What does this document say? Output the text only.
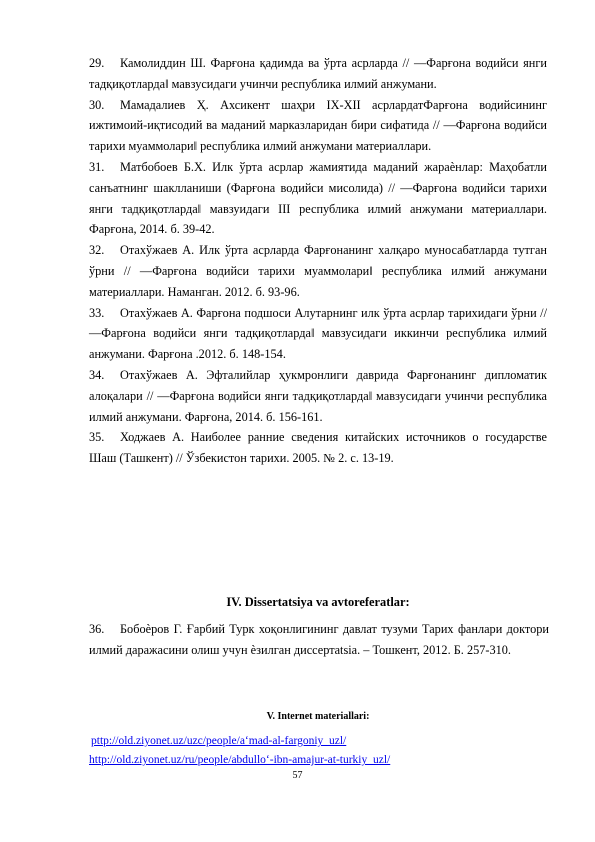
29. Камолиддин Ш. Фарғона қадимда ва ўрта асрларда // ―Фарғона водийси янги тадқиқотларда‖ мавзусидаги учинчи республика илмий анжумани.

30. Мамадалиев Ҳ. Ахсикент шаҳри IX-XII асрлардатФарғона водийсининг ижтимоий-иқтисодий ва маданий марказларидан бири сифатида // ―Фарғона водийси тарихи муаммолари‖ республика илмий анжумани материаллари.

31. Матбобоев Б.Х. Илк ўрта асрлар жамиятида маданий жараѐнлар: Маҳобатли санъатнинг шаклланиши (Фарғона водийси мисолида) // ―Фарғона водийси тарихи янги тадқиқотларда‖ мавзуидаги III республика илмий анжумани материаллари. Фарғона, 2014. б. 39-42.

32. Отахўжаев А. Илк ўрта асрларда Фарғонанинг халқаро муносабатларда тутган ўрни // ―Фарғона водийси тарихи муаммолари‖ республика илмий анжумани материаллари. Наманган. 2012. б. 93-96.

33. Отахўжаев А. Фарғона подшоси Алутарнинг илк ўрта асрлар тарихидаги ўрни // ―Фарғона водийси янги тадқиқотларда‖ мавзусидаги иккинчи республика илмий анжумани. Фарғона .2012. б. 148-154.

34. Отахўжаев А. Эфталийлар ҳукмронлиги даврида Фарғонанинг дипломатик алоқалари // ―Фарғона водийси янги тадқиқотларда‖ мавзусидаги учинчи республика илмий анжумани. Фарғона, 2014. б. 156-161.

35. Ходжаев А. Наиболее ранние сведения китайских источников о государстве Шаш (Ташкент) // Ўзбекистон тарихи. 2005. № 2. с. 13-19.

IV. Dissertatsiya va avtoreferatlar:

36. Бобоѐров Г. Ғарбий Турк хоқонлигининг давлат тузуми Тарих фанлари доктори илмий даражасини олиш учун ѐзилган диссертatsia. – Тошкент, 2012. Б. 257-310.

V. Internet materiallari:
pttp://old.ziyonet.uz/uzc/people/a‘mad-al-fargoniy_uzl/
http://old.ziyonet.uz/ru/people/abdullo‘-ibn-amajur-at-turkiy_uzl/
57
